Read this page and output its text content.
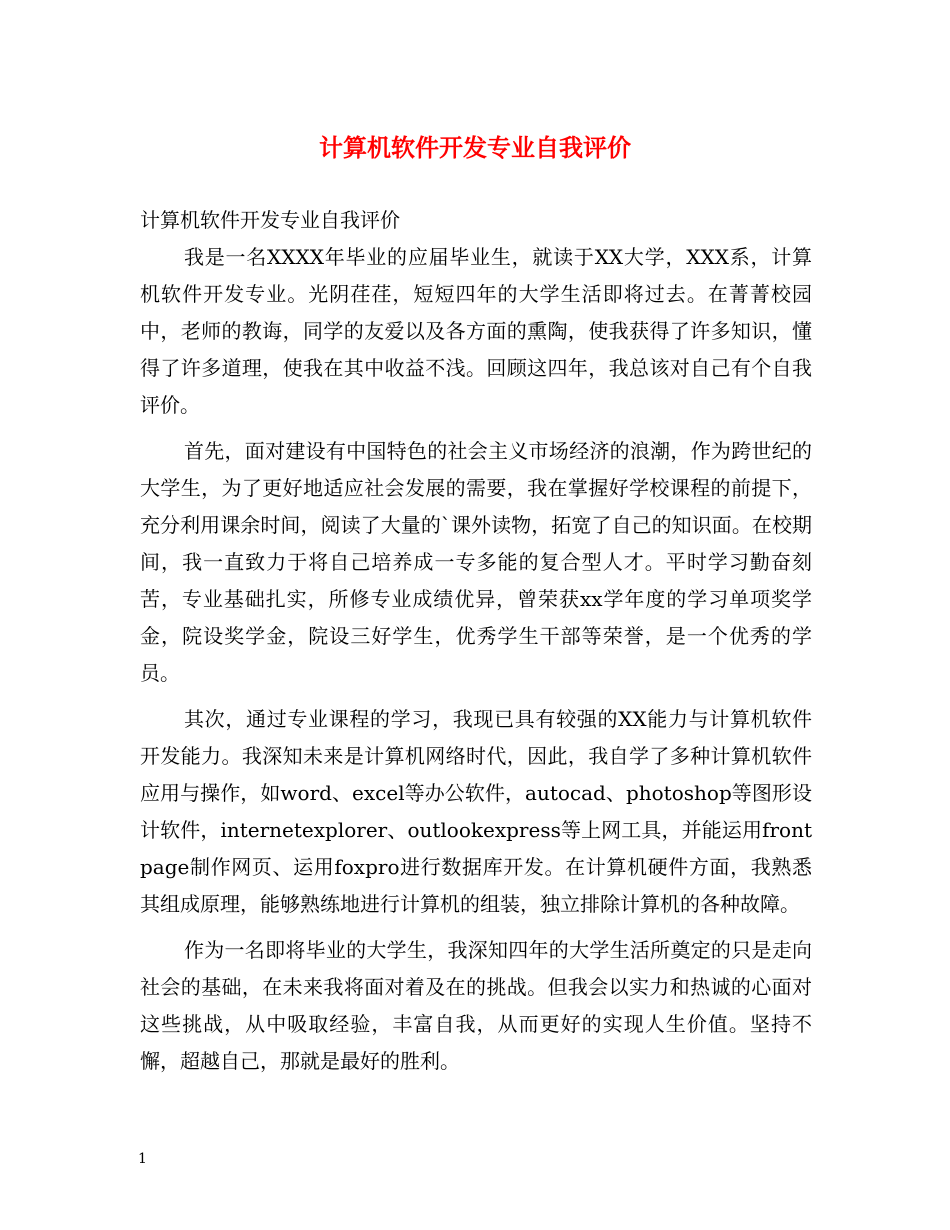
计算机软件开发专业自我评价

计算机软件开发专业自我评价

我是一名XXXX年毕业的应届毕业生，就读于XX大学，XXX系，计算机软件开发专业。光阴荏荏，短短四年的大学生活即将过去。在菁菁校园中，老师的教诲，同学的友爱以及各方面的熏陶，使我获得了许多知识，懂得了许多道理，使我在其中收益不浅。回顾这四年，我总该对自己有个自我评价。

首先，面对建设有中国特色的社会主义市场经济的浪潮，作为跨世纪的大学生，为了更好地适应社会发展的需要，我在掌握好学校课程的前提下，充分利用课余时间，阅读了大量的`课外读物，拓宽了自己的知识面。在校期间，我一直致力于将自己培养成一专多能的复合型人才。平时学习勤奋刻苦，专业基础扎实，所修专业成绩优异，曾荣获xx学年度的学习单项奖学金，院设奖学金，院设三好学生，优秀学生干部等荣誉，是一个优秀的学员。

其次，通过专业课程的学习，我现已具有较强的XX能力与计算机软件开发能力。我深知未来是计算机网络时代，因此，我自学了多种计算机软件应用与操作，如word、excel等办公软件，autocad、photoshop等图形设计软件，internetexplorer、outlookexpress等上网工具，并能运用frontpage制作网页、运用foxpro进行数据库开发。在计算机硬件方面，我熟悉其组成原理，能够熟练地进行计算机的组装，独立排除计算机的各种故障。

作为一名即将毕业的大学生，我深知四年的大学生活所奠定的只是走向社会的基础，在未来我将面对着及在的挑战。但我会以实力和热诚的心面对这些挑战，从中吸取经验，丰富自我，从而更好的实现人生价值。坚持不懈，超越自己，那就是最好的胜利。

1
